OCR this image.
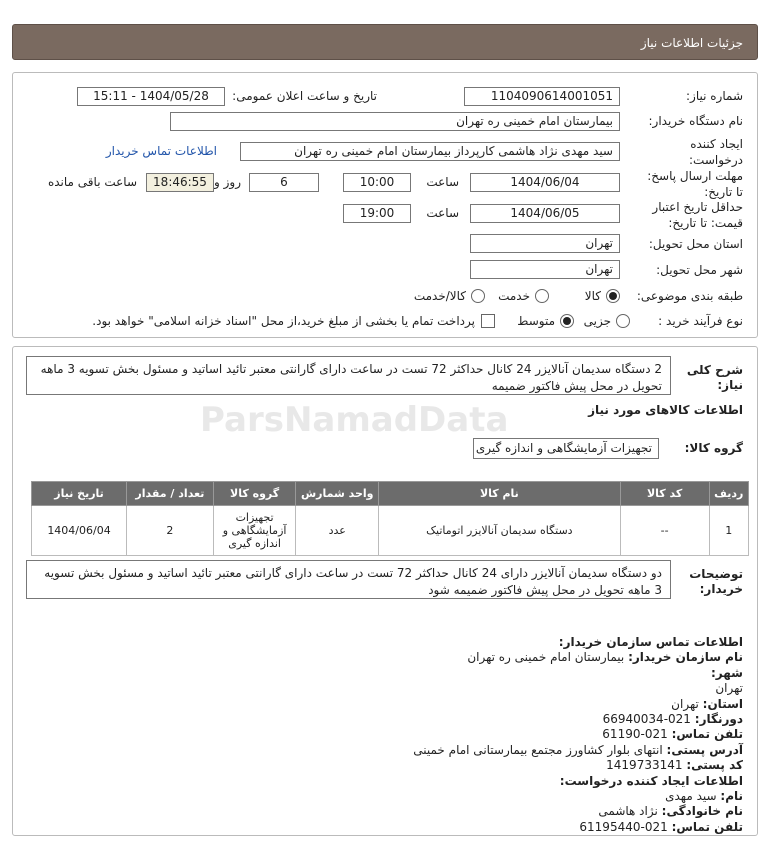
جزئیات اطلاعات نیاز
شماره نیاز:
1104090614001051
تاریخ و ساعت اعلان عمومی:
1404/05/28 - 15:11
نام دستگاه خریدار:
بیمارستان امام خمینی ره تهران
ایجاد کننده
درخواست:
سید مهدی نژاد هاشمی کارپرداز بیمارستان امام خمینی ره تهران
اطلاعات تماس خریدار
مهلت ارسال پاسخ:
تا تاریخ:
1404/06/04
ساعت
10:00
6
روز و
18:46:55
ساعت باقی مانده
حداقل تاریخ اعتبار
قیمت: تا تاریخ:
1404/06/05
ساعت
19:00
استان محل تحویل:
تهران
شهر محل تحویل:
تهران
طبقه بندی موضوعی:
کالا
خدمت
کالا/خدمت
نوع فرآیند خرید :
جزیی
متوسط
پرداخت تمام یا بخشی از مبلغ خرید،از محل "اسناد خزانه اسلامی" خواهد بود.
شرح کلی
نیاز:
2 دستگاه سدیمان آنالایزر 24 کانال حداکثر 72 تست در ساعت دارای گارانتی معتبر تائید اساتید و مسئول بخش تسویه 3 ماهه تحویل در محل پیش فاکتور ضمیمه
اطلاعات کالاهای مورد نیاز
گروه کالا:
تجهیزات آزمایشگاهی و اندازه گیری
ردیف	کد کالا	نام کالا	واحد شمارش	گروه کالا	تعداد / مقدار	تاریخ نیاز
1	--	دستگاه سدیمان آنالایزر اتوماتیک	عدد	تجهیزات
آزمایشگاهی و
اندازه گیری	2	1404/06/04
توضیحات
خریدار:
دو دستگاه سدیمان آنالایزر دارای 24 کانال حداکثر 72 تست در ساعت دارای گارانتی معتبر تائید اساتید و مسئول بخش تسویه 3 ماهه تحویل در محل پیش فاکتور ضمیمه شود
اطلاعات تماس سازمان خریدار:
نام سازمان خریدار: بیمارستان امام خمینی ره تهران
شهر:
تهران
استان: تهران
دورنگار: 021-66940034
تلفن تماس: 021-61190
آدرس پستی: انتهای بلوار کشاورز مجتمع بیمارستانی امام خمینی
کد پستی: 1419733141
اطلاعات ایجاد کننده درخواست:
نام: سید مهدی
نام خانوادگی: نژاد هاشمی
تلفن تماس: 021-61195440
ParsNamadData
